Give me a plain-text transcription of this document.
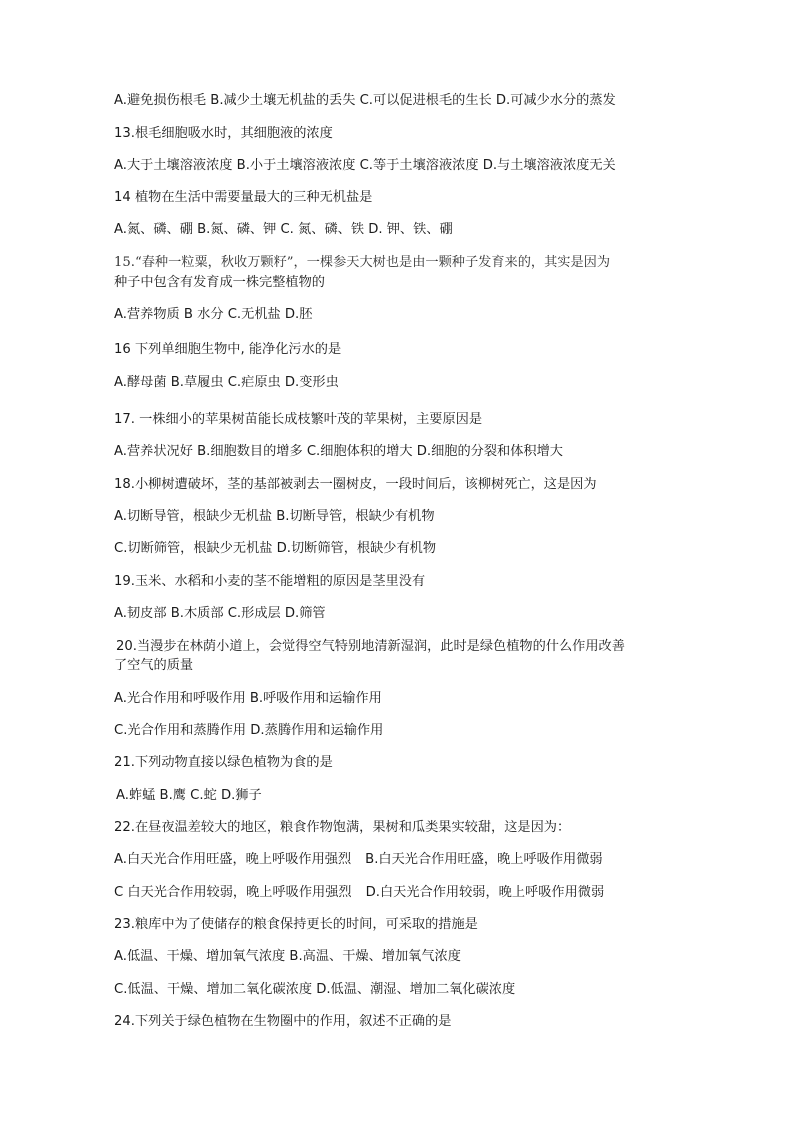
A.避免损伤根毛 B.减少土壤无机盐的丢失 C.可以促进根毛的生长 D.可减少水分的蒸发
13.根毛细胞吸水时，其细胞液的浓度
A.大于土壤溶液浓度 B.小于土壤溶液浓度 C.等于土壤溶液浓度 D.与土壤溶液浓度无关
14 植物在生活中需要量最大的三种无机盐是
A.氮、磷、硼 B.氮、磷、钾 C. 氮、磷、铁 D. 钾、铁、硼
15.“春种一粒粟，秋收万颗籽”，一棵参天大树也是由一颗种子发育来的，其实是因为
种子中包含有发育成一株完整植物的
A.营养物质 B 水分 C.无机盐 D.胚
16 下列单细胞生物中, 能净化污水的是
A.酵母菌 B.草履虫 C.疟原虫 D.变形虫
17. 一株细小的苹果树苗能长成枝繁叶茂的苹果树，主要原因是
A.营养状况好 B.细胞数目的增多 C.细胞体积的增大 D.细胞的分裂和体积增大
18.小柳树遭破坏，茎的基部被剥去一圈树皮，一段时间后，该柳树死亡，这是因为
A.切断导管，根缺少无机盐 B.切断导管，根缺少有机物
C.切断筛管，根缺少无机盐 D.切断筛管，根缺少有机物
19.玉米、水稻和小麦的茎不能增粗的原因是茎里没有
A.韧皮部 B.木质部 C.形成层 D.筛管
20.当漫步在林荫小道上，会觉得空气特别地清新湿润，此时是绿色植物的什么作用改善
了空气的质量
A.光合作用和呼吸作用 B.呼吸作用和运输作用
C.光合作用和蒸腾作用 D.蒸腾作用和运输作用
21.下列动物直接以绿色植物为食的是
A.蚱蜢 B.鹰 C.蛇 D.狮子
22.在昼夜温差较大的地区，粮食作物饱满，果树和瓜类果实较甜，这是因为：
A.白天光合作用旺盛，晚上呼吸作用强烈 B.白天光合作用旺盛，晚上呼吸作用微弱
C 白天光合作用较弱，晚上呼吸作用强烈 D.白天光合作用较弱，晚上呼吸作用微弱
23.粮库中为了使储存的粮食保持更长的时间，可采取的措施是
A.低温、干燥、增加氧气浓度 B.高温、干燥、增加氧气浓度
C.低温、干燥、增加二氧化碳浓度 D.低温、潮湿、增加二氧化碳浓度
24.下列关于绿色植物在生物圈中的作用，叙述不正确的是
